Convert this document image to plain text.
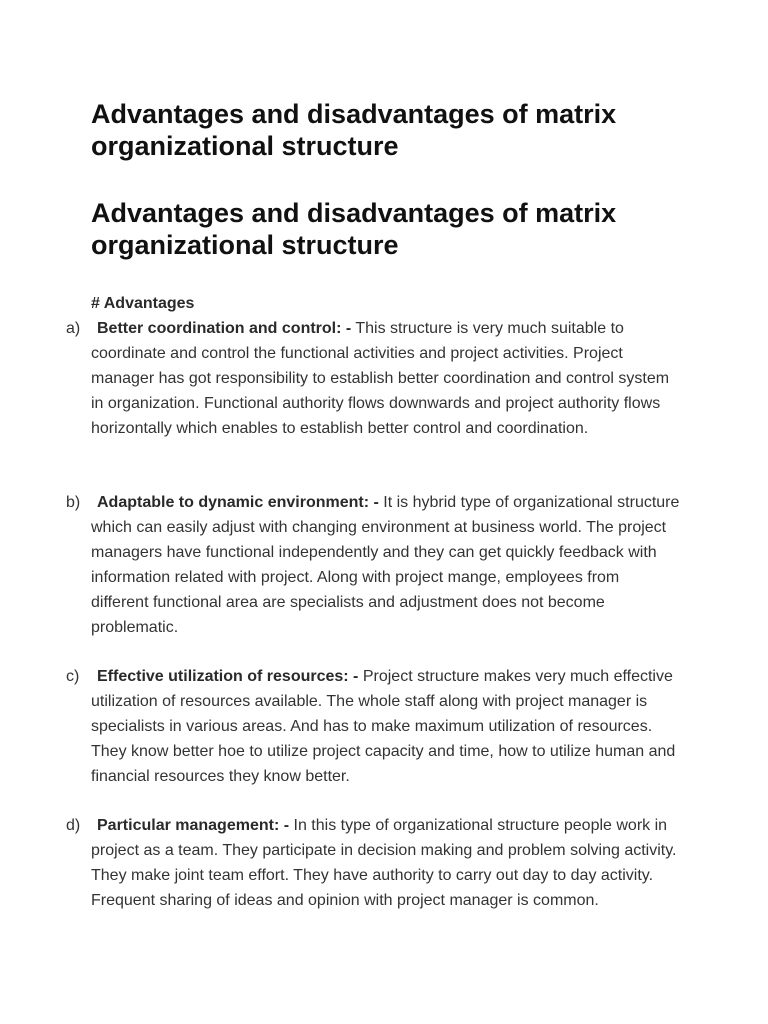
Advantages and disadvantages of matrix organizational structure
Advantages and disadvantages of matrix organizational structure
# Advantages
a)	Better coordination and control: - This structure is very much suitable to coordinate and control the functional activities and project activities. Project manager has got responsibility to establish better coordination and control system in organization. Functional authority flows downwards and project authority flows horizontally which enables to establish better control and coordination.

b)	Adaptable to dynamic environment: - It is hybrid type of organizational structure which can easily adjust with changing environment at business world. The project managers have functional independently and they can get quickly feedback with information related with project. Along with project mange, employees from different functional area are specialists and adjustment does not become problematic.

c)	Effective utilization of resources: - Project structure makes very much effective utilization of resources available. The whole staff along with project manager is specialists in various areas. And has to make maximum utilization of resources. They know better hoe to utilize project capacity and time, how to utilize human and financial resources they know better.

d)	Particular management: - In this type of organizational structure people work in project as a team. They participate in decision making and problem solving activity. They make joint team effort. They have authority to carry out day to day activity. Frequent sharing of ideas and opinion with project manager is common.
